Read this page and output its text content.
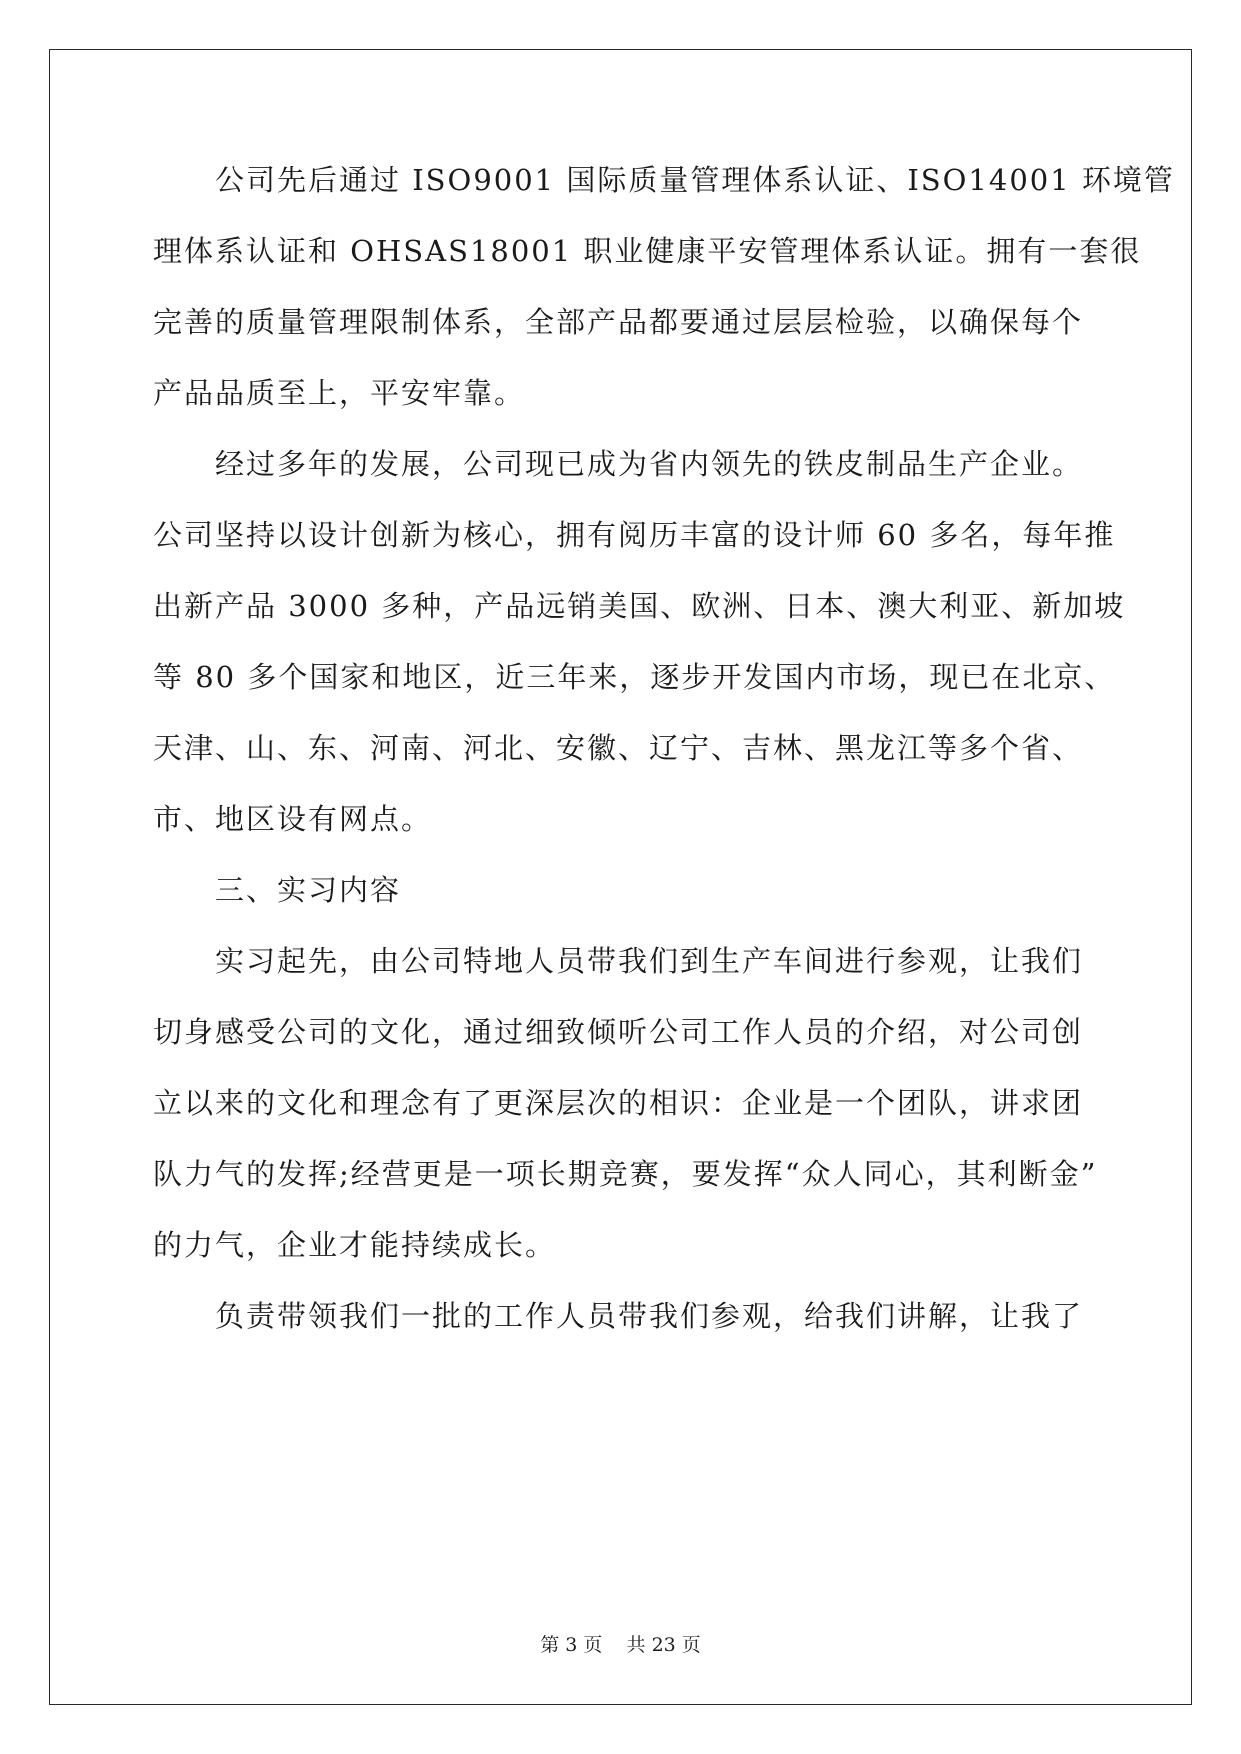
公司先后通过 ISO9001 国际质量管理体系认证、ISO14001 环境管
理体系认证和 OHSAS18001 职业健康平安管理体系认证。拥有一套很
完善的质量管理限制体系，全部产品都要通过层层检验，以确保每个
产品品质至上，平安牢靠。
经过多年的发展，公司现已成为省内领先的铁皮制品生产企业。
公司坚持以设计创新为核心，拥有阅历丰富的设计师 60 多名，每年推
出新产品 3000 多种，产品远销美国、欧洲、日本、澳大利亚、新加坡
等 80 多个国家和地区，近三年来，逐步开发国内市场，现已在北京、
天津、山、东、河南、河北、安徽、辽宁、吉林、黑龙江等多个省、
市、地区设有网点。
三、实习内容
实习起先，由公司特地人员带我们到生产车间进行参观，让我们
切身感受公司的文化，通过细致倾听公司工作人员的介绍，对公司创
立以来的文化和理念有了更深层次的相识：企业是一个团队，讲求团
队力气的发挥;经营更是一项长期竞赛，要发挥“众人同心，其利断金”
的力气，企业才能持续成长。
负责带领我们一批的工作人员带我们参观，给我们讲解，让我了
第 3 页 共 23 页
